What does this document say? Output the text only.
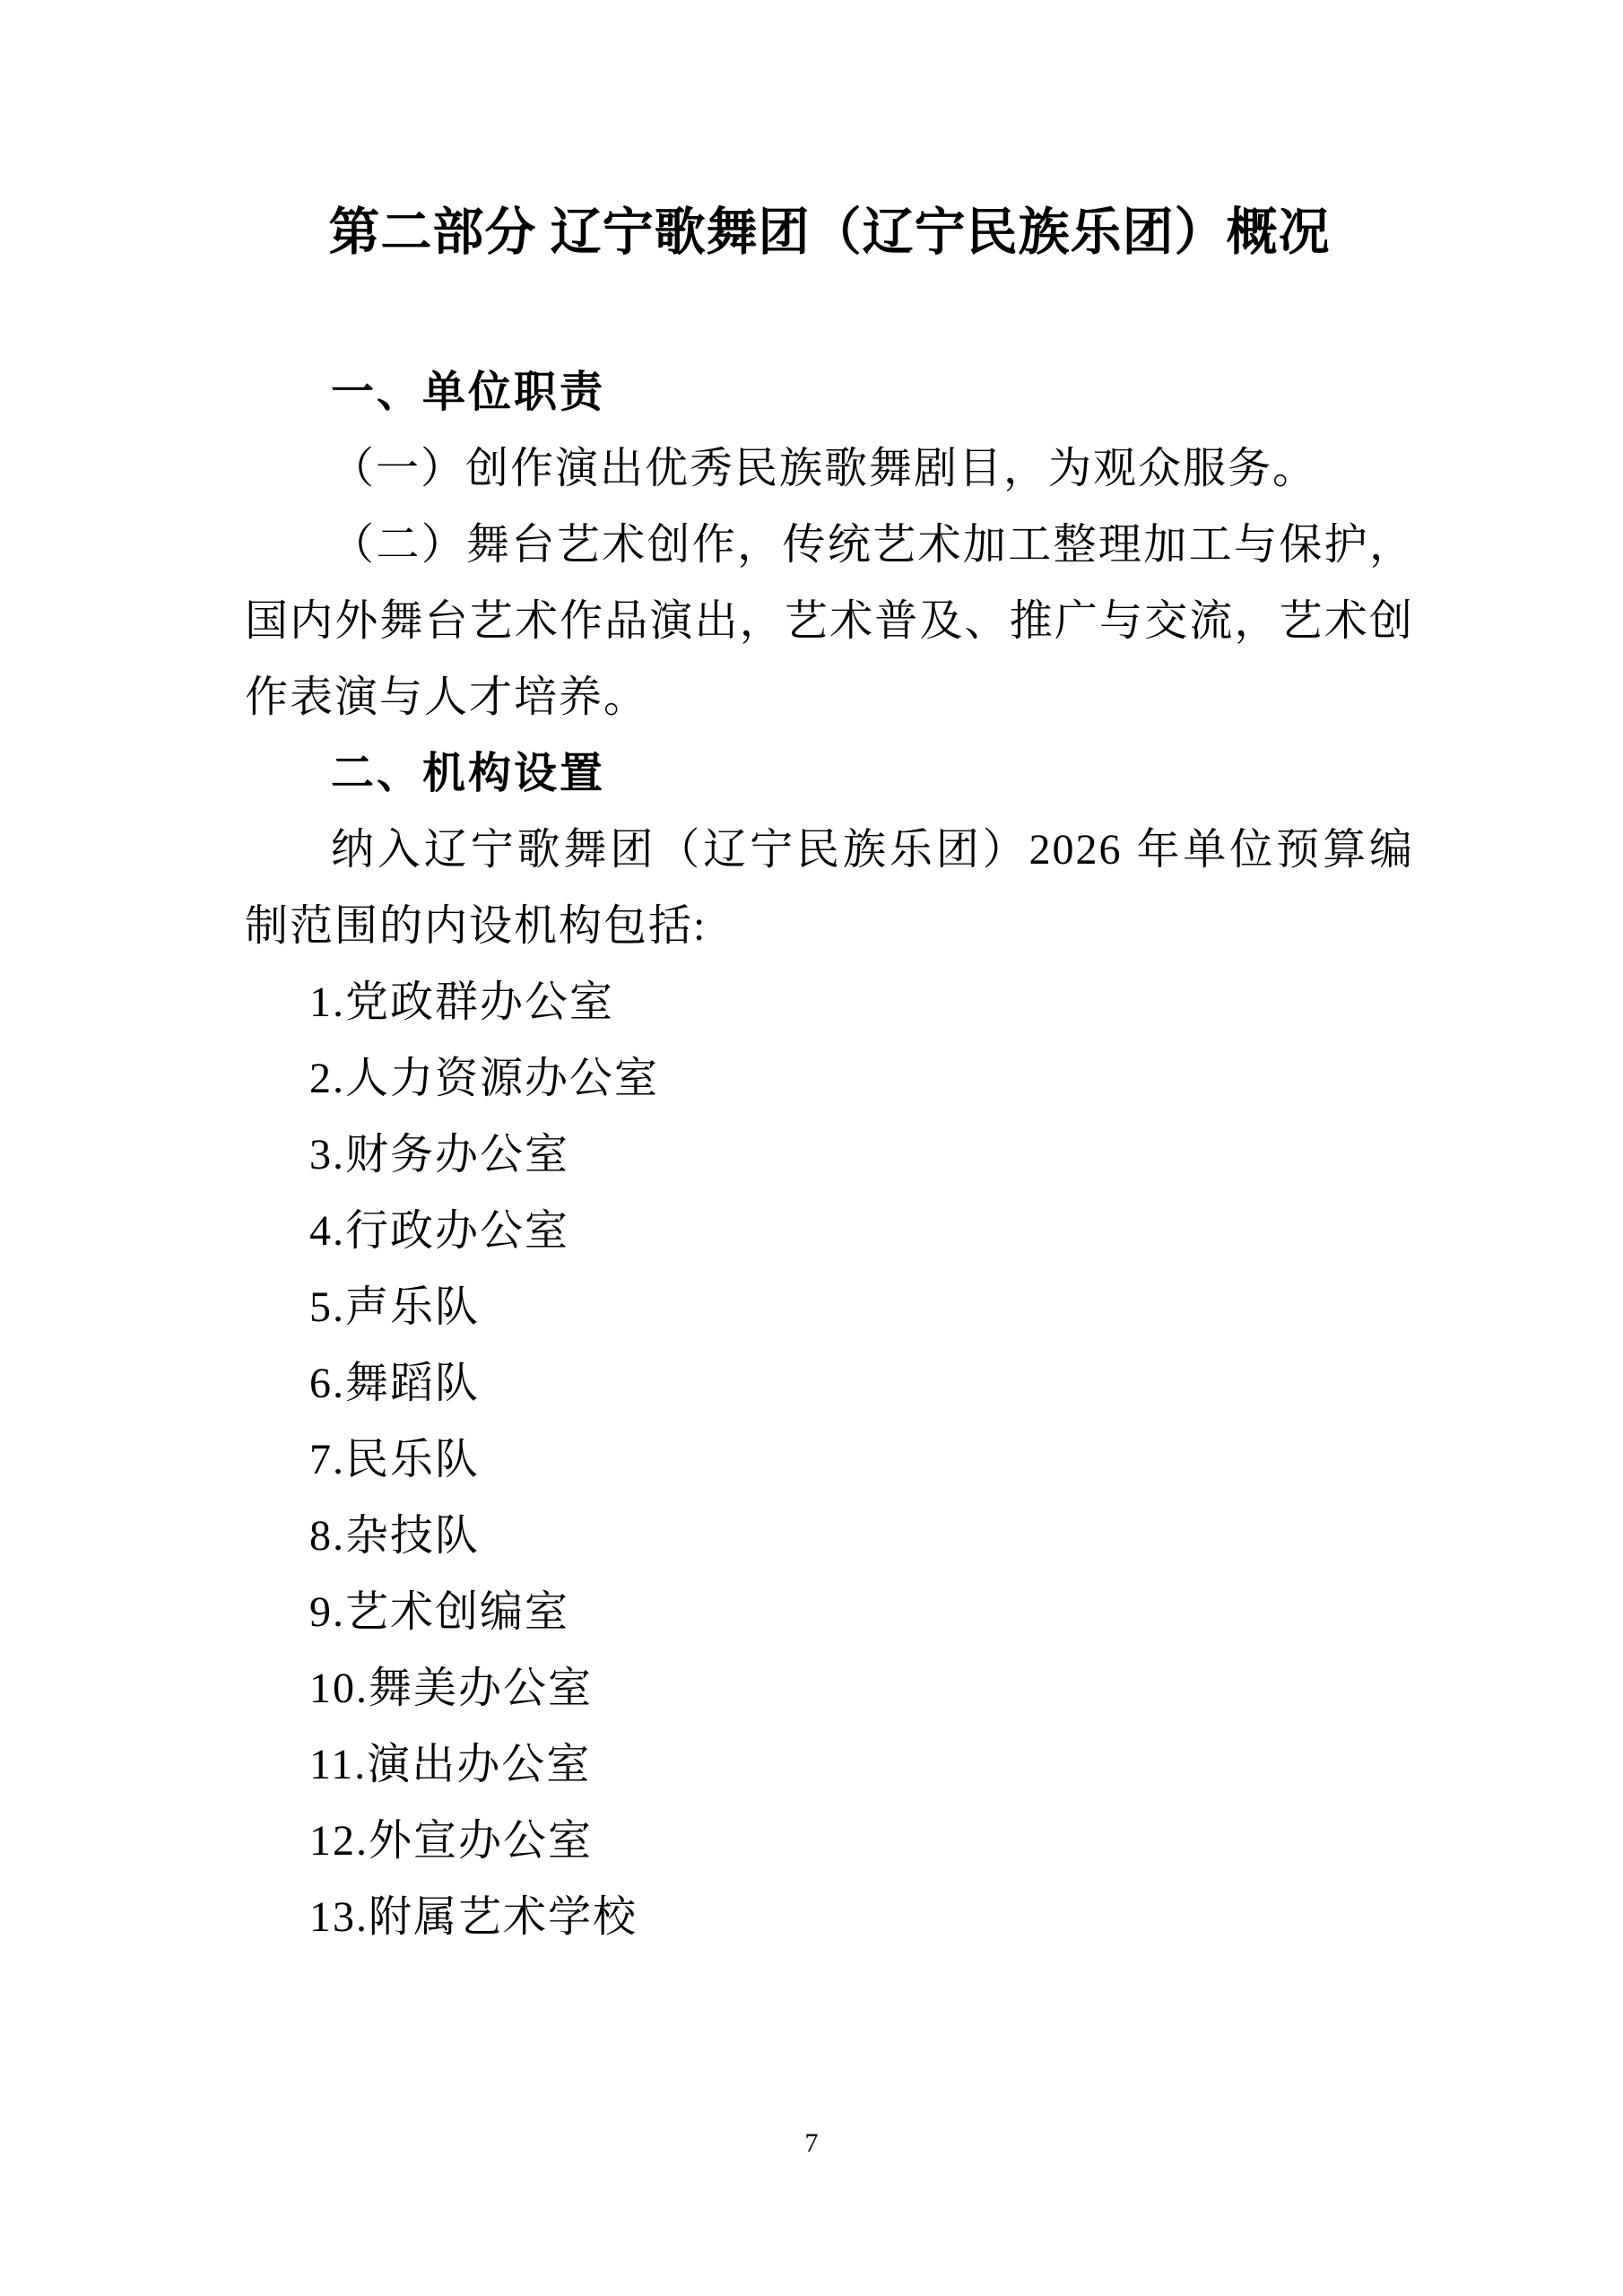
第二部分 辽宁歌舞团（辽宁民族乐团）概况
一、单位职责
（一）创作演出优秀民族歌舞剧目，为观众服务。
（二）舞台艺术创作，传统艺术加工整理加工与保护，
国内外舞台艺术作品演出，艺术普及、推广与交流，艺术创
作表演与人才培养。
二、机构设置
纳入辽宁歌舞团（辽宁民族乐团）2026 年单位预算编
制范围的内设机构包括:
1.党政群办公室
2.人力资源办公室
3.财务办公室
4.行政办公室
5.声乐队
6.舞蹈队
7.民乐队
8.杂技队
9.艺术创编室
10.舞美办公室
11.演出办公室
12.外宣办公室
13.附属艺术学校
7
